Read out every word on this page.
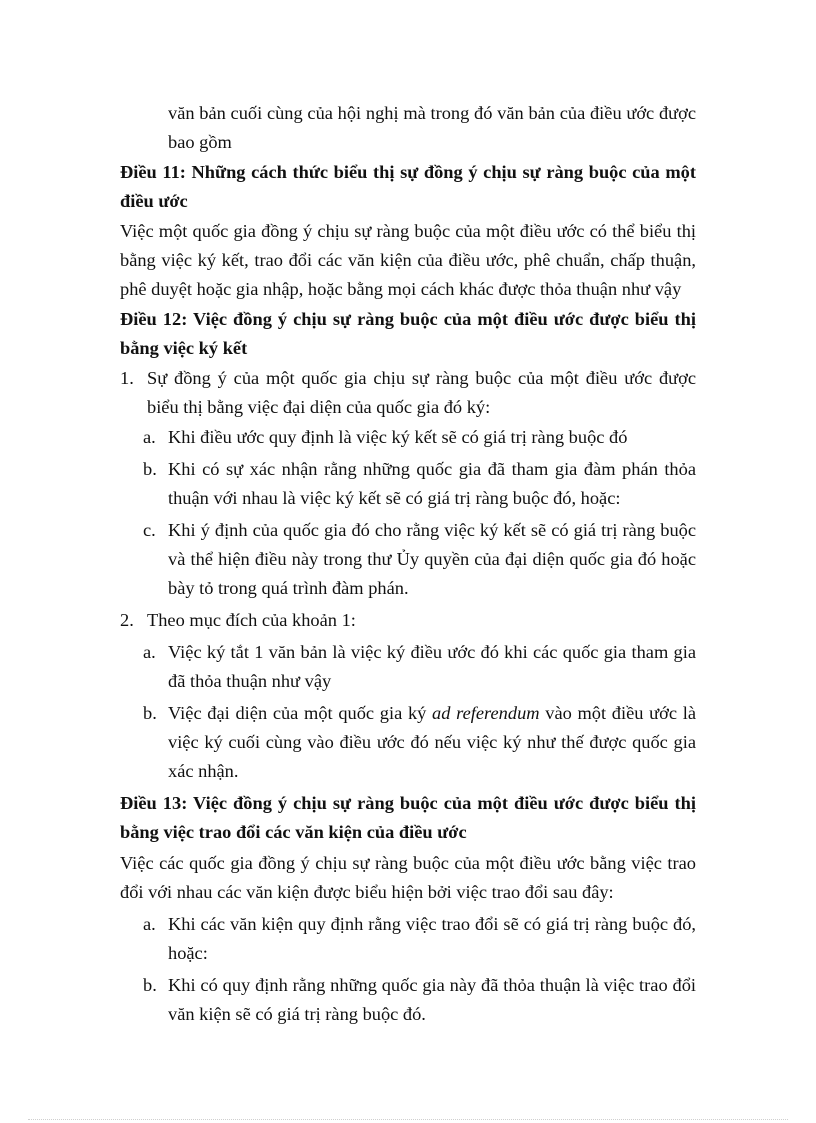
văn bản cuối cùng của hội nghị mà trong đó văn bản của điều ước được bao gồm

Điều 11: Những cách thức biểu thị sự đồng ý chịu sự ràng buộc của một điều ước

Việc một quốc gia đồng ý chịu sự ràng buộc của một điều ước có thể biểu thị bằng việc ký kết, trao đổi các văn kiện của điều ước, phê chuẩn, chấp thuận, phê duyệt hoặc gia nhập, hoặc bằng mọi cách khác được thỏa thuận như vậy

Điều 12: Việc đồng ý chịu sự ràng buộc của một điều ước được biểu thị bằng việc ký kết

1. Sự đồng ý của một quốc gia chịu sự ràng buộc của một điều ước được biểu thị bằng việc đại diện của quốc gia đó ký:
a. Khi điều ước quy định là việc ký kết sẽ có giá trị ràng buộc đó
b. Khi có sự xác nhận rằng những quốc gia đã tham gia đàm phán thỏa thuận với nhau là việc ký kết sẽ có giá trị ràng buộc đó, hoặc:
c. Khi ý định của quốc gia đó cho rằng việc ký kết sẽ có giá trị ràng buộc và thể hiện điều này trong thư Ủy quyền của đại diện quốc gia đó hoặc bày tỏ trong quá trình đàm phán.
2. Theo mục đích của khoản 1:
a. Việc ký tắt 1 văn bản là việc ký điều ước đó khi các quốc gia tham gia đã thỏa thuận như vậy
b. Việc đại diện của một quốc gia ký ad referendum vào một điều ước là việc ký cuối cùng vào điều ước đó nếu việc ký như thế được quốc gia xác nhận.

Điều 13: Việc đồng ý chịu sự ràng buộc của một điều ước được biểu thị bằng việc trao đổi các văn kiện của điều ước

Việc các quốc gia đồng ý chịu sự ràng buộc của một điều ước bằng việc trao đổi với nhau các văn kiện được biểu hiện bởi việc trao đổi sau đây:

a. Khi các văn kiện quy định rằng việc trao đổi sẽ có giá trị ràng buộc đó, hoặc:
b. Khi có quy định rằng những quốc gia này đã thỏa thuận là việc trao đổi văn kiện sẽ có giá trị ràng buộc đó.
